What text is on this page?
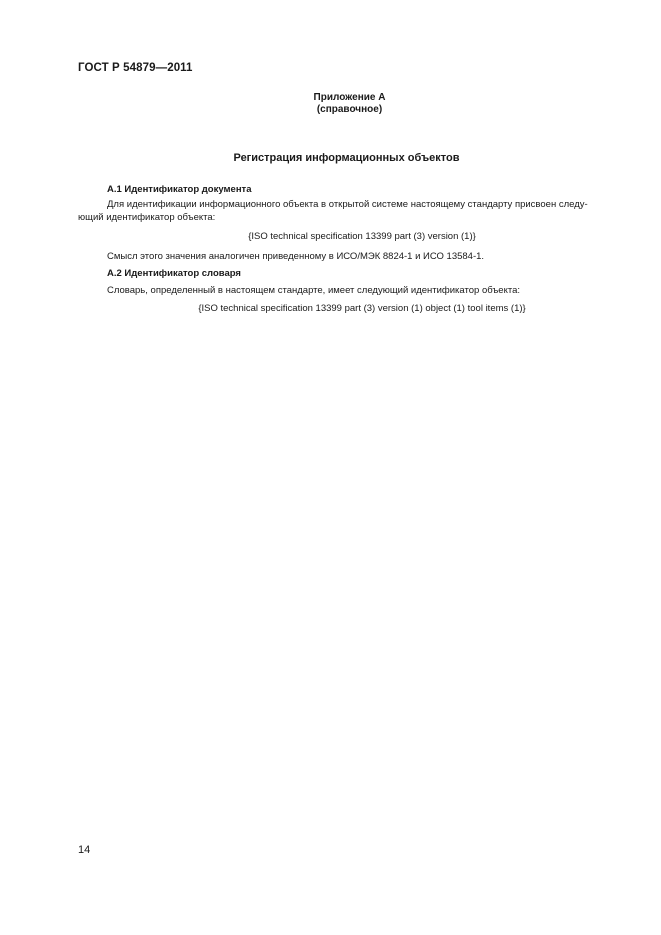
ГОСТ Р 54879—2011
Приложение А
(справочное)
Регистрация информационных объектов
А.1 Идентификатор документа
Для идентификации информационного объекта в открытой системе настоящему стандарту присвоен следу-
ющий идентификатор объекта:
{ISO technical specification 13399 part (3) version (1)}
Смысл этого значения аналогичен приведенному в ИСО/МЭК 8824-1 и ИСО 13584-1.
А.2 Идентификатор словаря
Словарь, определенный в настоящем стандарте, имеет следующий идентификатор объекта:
{ISO technical specification 13399 part (3) version (1) object (1) tool items (1)}
14
